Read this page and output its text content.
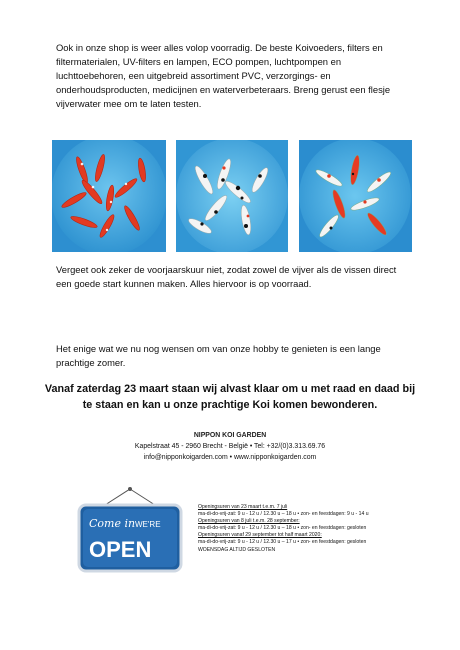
Ook in onze shop is weer alles volop voorradig. De beste Koivoeders, filters en filtermaterialen, UV-filters en lampen, ECO pompen, luchtpompen en luchttoebehoren, een uitgebreid assortiment PVC, verzorgings- en onderhoudsproducten, medicijnen en waterverbeteraars. Breng gerust een flesje vijverwater mee om te laten testen.

Vergeet ook zeker de voorjaarskuur niet, zodat zowel de vijver als de vissen direct een goede start kunnen maken. Alles hiervoor is op voorraad.

Het enige wat we nu nog wensen om van onze hobby te genieten is een lange prachtige zomer.

Vanaf zaterdag 23 maart staan wij alvast klaar om u met raad en daad bij te staan en kan u onze prachtige Koi komen bewonderen.

NIPPON KOI GARDEN
Kapelstraat 45 - 2960 Brecht - België • Tel: +32/(0)3.313.69.76
info@nipponkoigarden.com • www.nipponkoigarden.com
Come in WE'RE
OPEN
Openingsuren van 23 maart t.e.m. 7 juli
ma-di-do-vrij-zat: 9 u - 12 u / 12.30 u – 18 u • zon- en feestdagen: 9 u - 14 u
Openingsuren van 8 juli t.e.m. 28 september:
ma-di-do-vrij-zat: 9 u - 12 u / 12.30 u – 18 u • zon- en feestdagen: gesloten
Openingsuren vanaf 29 september tot half maart 2020:
ma-di-do-vrij-zat: 9 u - 12 u / 12.30 u – 17 u • zon- en feestdagen: gesloten
WOENSDAG ALTIJD GESLOTEN
